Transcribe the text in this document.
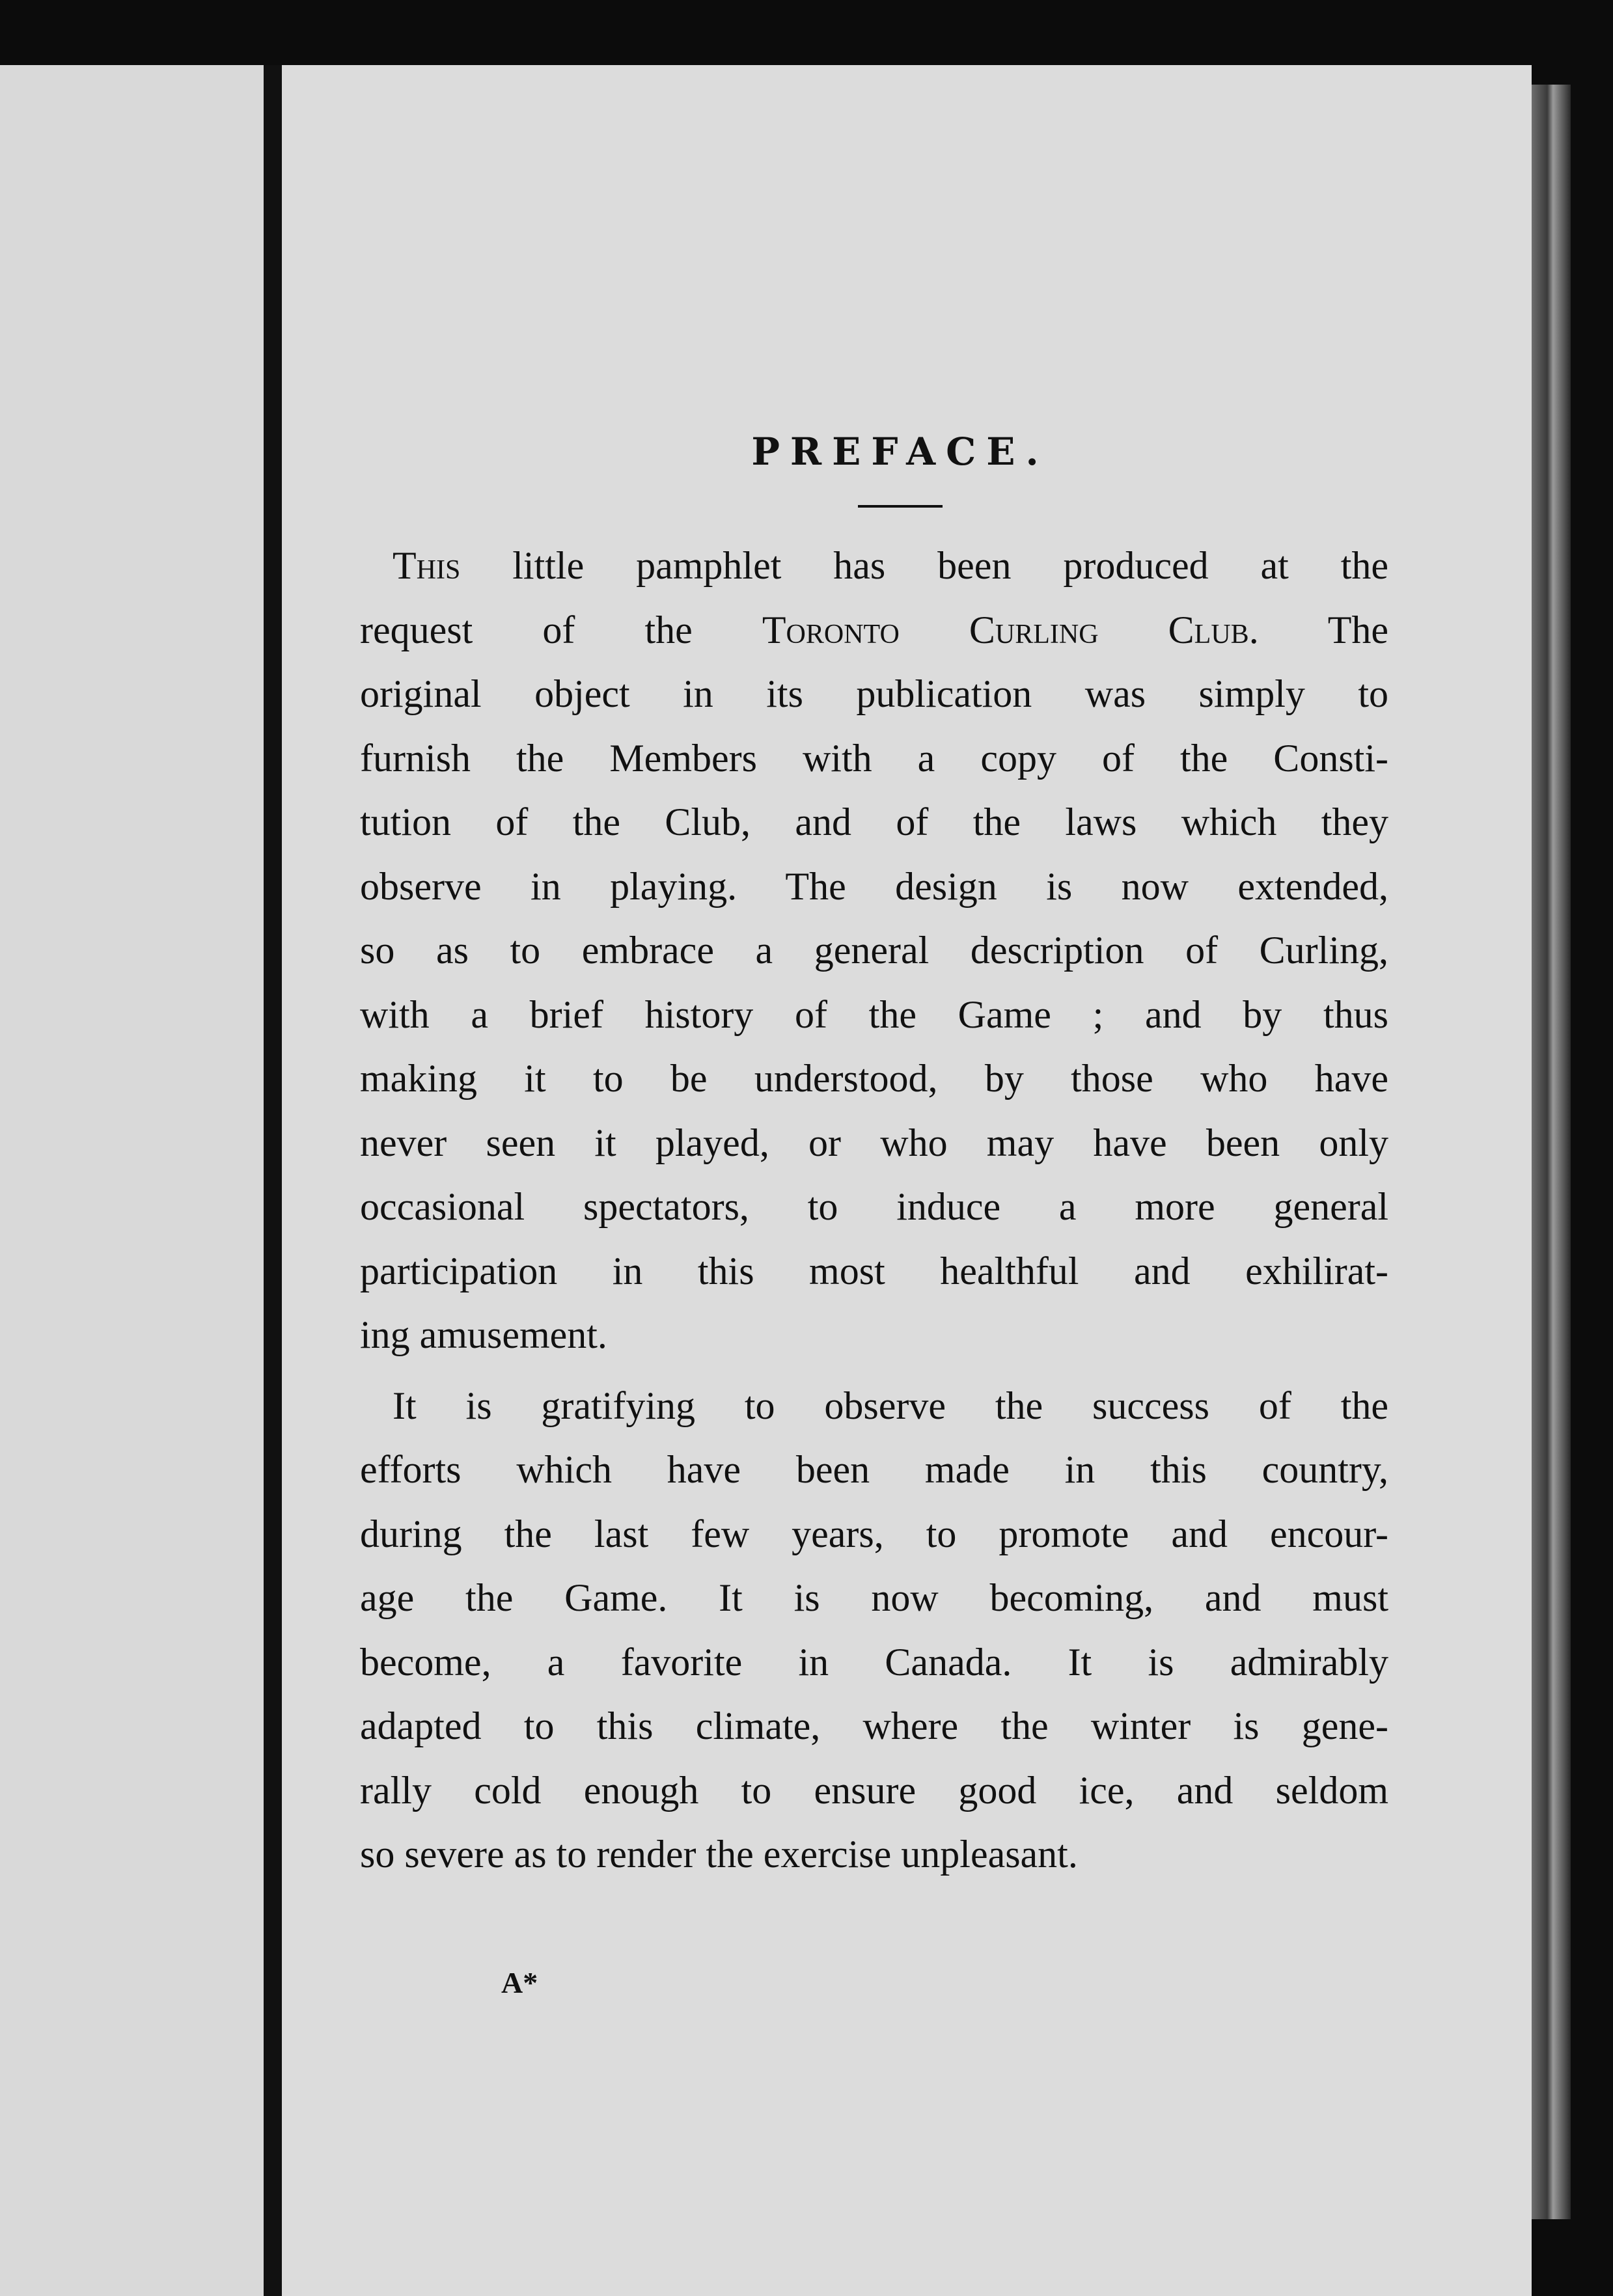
PREFACE.
This little pamphlet has been produced at the
request of the Toronto Curling Club. The
original object in its publication was simply to
furnish the Members with a copy of the Consti-
tution of the Club, and of the laws which they
observe in playing. The design is now extended,
so as to embrace a general description of Curling,
with a brief history of the Game ; and by thus
making it to be understood, by those who have
never seen it played, or who may have been only
occasional spectators, to induce a more general
participation in this most healthful and exhilirat-
ing amusement.
It is gratifying to observe the success of the
efforts which have been made in this country,
during the last few years, to promote and encour-
age the Game. It is now becoming, and must
become, a favorite in Canada. It is admirably
adapted to this climate, where the winter is gene-
rally cold enough to ensure good ice, and seldom
so severe as to render the exercise unpleasant.
A*
